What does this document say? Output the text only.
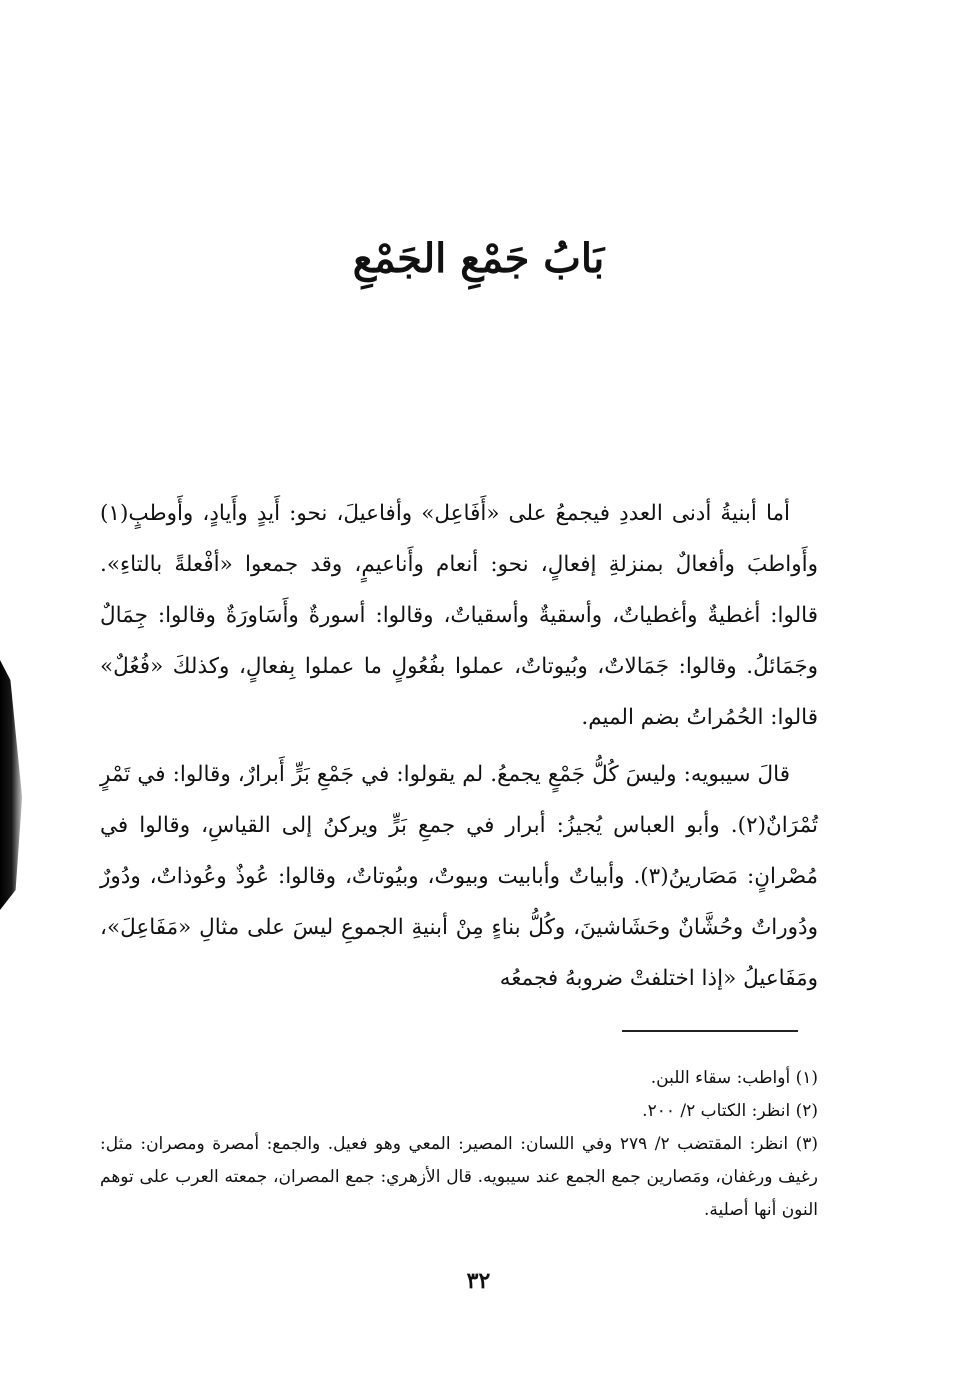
بَابُ جَمْعِ الجَمْعِ

أما أبنيةُ أدنى العددِ فيجمعُ على «أَفَاعِل» وأفاعيلَ، نحو: أَيدٍ وأَيادٍ، وأَوطبٍ(١) وأَواطبَ وأفعالٌ بمنزلةِ إفعالٍ، نحو: أنعام وأَناعيمٍ، وقد جمعوا «أفْعلةً بالتاءِ». قالوا: أغطيةٌ وأغطياتٌ، وأسقيةٌ وأسقياتٌ، وقالوا: أسورةٌ وأَسَاورَةٌ وقالوا: جِمَالٌ وجَمَائلُ. وقالوا: جَمَالاتٌ، وبُيوتاتٌ، عملوا بفُعُولٍ ما عملوا بِفعالٍ، وكذلكَ «فُعُلٌ» قالوا: الحُمُراتُ بضم الميم.

قالَ سيبويه: وليسَ كُلُّ جَمْعٍ يجمعُ. لم يقولوا: في جَمْعِ بَرٍّ أَبرارٌ، وقالوا: في تَمْرٍ تُمْرَانٌ(٢). وأبو العباس يُجيزُ: أبرار في جمعِ بَرٍّ ويركنُ إلى القياسِ، وقالوا في مُصْرانٍ: مَصَارينُ(٣). وأبياتٌ وأبابيت وبيوتٌ، وبيُوتاتٌ، وقالوا: عُوذٌ وعُوذاتٌ، ودُورٌ ودُوراتٌ وحُشَّانٌ وحَشَاشينَ، وكُلُّ بناءٍ مِنْ أبنيةِ الجموعِ ليسَ على مثالِ «مَفَاعِلَ»، ومَفَاعيلُ «إذا اختلفتْ ضروبهُ فجمعُه

(١) أواطب: سقاء اللبن.

(٢) انظر: الكتاب ٢/ ٢٠٠.

(٣) انظر: المقتضب ٢/ ٢٧٩ وفي اللسان: المصير: المعي وهو فعيل. والجمع: أمصرة ومصران: مثل: رغيف ورغفان، ومَصارين جمع الجمع عند سيبويه. قال الأزهري: جمع المصران، جمعته العرب على توهم النون أنها أصلية.

٣٢
